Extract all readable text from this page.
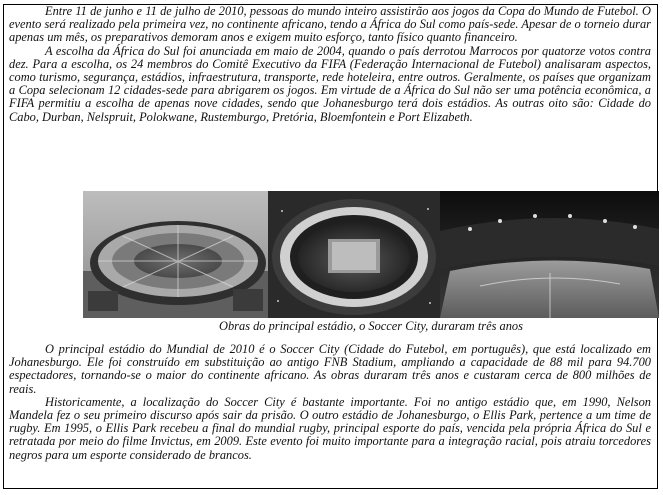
Entre 11 de junho e 11 de julho de 2010, pessoas do mundo inteiro assistirão aos jogos da Copa do Mundo de Futebol. O evento será realizado pela primeira vez, no continente africano, tendo a África do Sul como país-sede. Apesar de o torneio durar apenas um mês, os preparativos demoram anos e exigem muito esforço, tanto físico quanto financeiro.

A escolha da África do Sul foi anunciada em maio de 2004, quando o país derrotou Marrocos por quatorze votos contra dez. Para a escolha, os 24 membros do Comitê Executivo da FIFA (Federação Internacional de Futebol) analisaram aspectos, como turismo, segurança, estádios, infraestrutura, transporte, rede hoteleira, entre outros. Geralmente, os países que organizam a Copa selecionam 12 cidades-sede para abrigarem os jogos. Em virtude de a África do Sul não ser uma potência econômica, a FIFA permitiu a escolha de apenas nove cidades, sendo que Johanesburgo terá dois estádios. As outras oito são: Cidade do Cabo, Durban, Nelspruit, Polokwane, Rustemburgo, Pretória, Bloemfontein e Port Elizabeth.

Obras do principal estádio, o Soccer City, duraram três anos

O principal estádio do Mundial de 2010 é o Soccer City (Cidade do Futebol, em português), que está localizado em Johanesburgo. Ele foi construído em substituição ao antigo FNB Stadium, ampliando a capacidade de 88 mil para 94.700 espectadores, tornando-se o maior do continente africano. As obras duraram três anos e custaram cerca de 800 milhões de reais.

Historicamente, a localização do Soccer City é bastante importante. Foi no antigo estádio que, em 1990, Nelson Mandela fez o seu primeiro discurso após sair da prisão. O outro estádio de Johanesburgo, o Ellis Park, pertence a um time de rugby. Em 1995, o Ellis Park recebeu a final do mundial rugby, principal esporte do país, vencida pela própria África do Sul e retratada por meio do filme Invictus, em 2009. Este evento foi muito importante para a integração racial, pois atraiu torcedores negros para um esporte considerado de brancos.
